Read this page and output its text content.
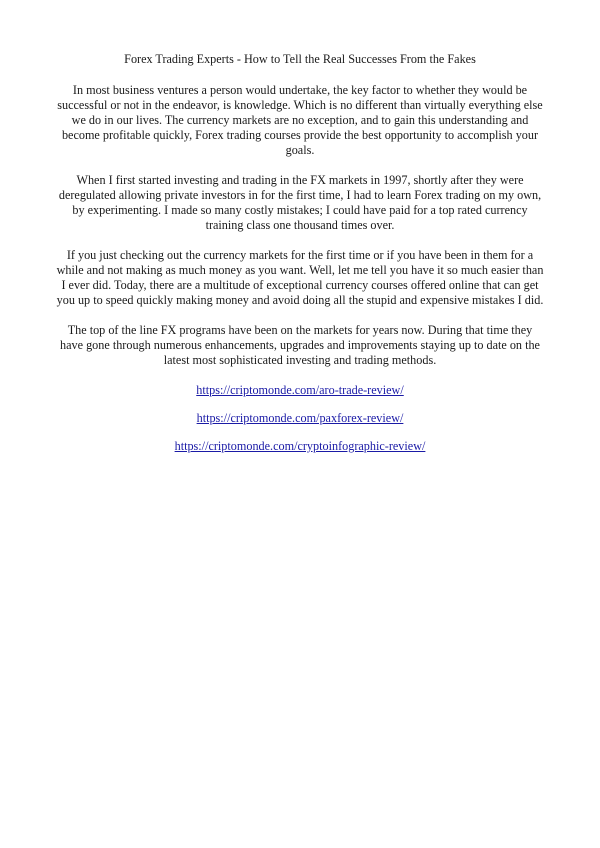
Forex Trading Experts - How to Tell the Real Successes From the Fakes

In most business ventures a person would undertake, the key factor to whether they would be successful or not in the endeavor, is knowledge. Which is no different than virtually everything else we do in our lives. The currency markets are no exception, and to gain this understanding and become profitable quickly, Forex trading courses provide the best opportunity to accomplish your goals.

When I first started investing and trading in the FX markets in 1997, shortly after they were deregulated allowing private investors in for the first time, I had to learn Forex trading on my own, by experimenting. I made so many costly mistakes; I could have paid for a top rated currency training class one thousand times over.

If you just checking out the currency markets for the first time or if you have been in them for a while and not making as much money as you want. Well, let me tell you have it so much easier than I ever did. Today, there are a multitude of exceptional currency courses offered online that can get you up to speed quickly making money and avoid doing all the stupid and expensive mistakes I did.

The top of the line FX programs have been on the markets for years now. During that time they have gone through numerous enhancements, upgrades and improvements staying up to date on the latest most sophisticated investing and trading methods.

https://criptomonde.com/aro-trade-review/

https://criptomonde.com/paxforex-review/

https://criptomonde.com/cryptoinfographic-review/
